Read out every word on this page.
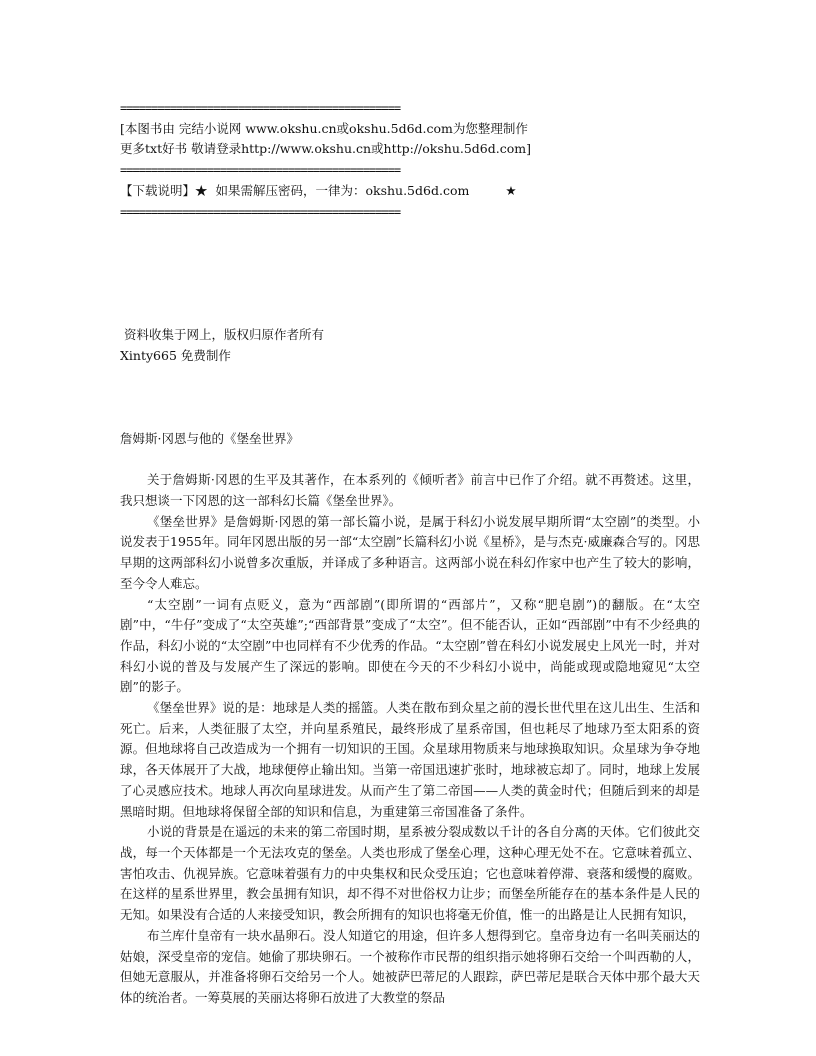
=============================================
[本图书由 完结小说网 www.okshu.cn或okshu.5d6d.com为您整理制作
更多txt好书 敬请登录http://www.okshu.cn或http://okshu.5d6d.com]
=============================================
【下载说明】★ 如果需解压密码，一律为：okshu.5d6d.com	★
=============================================
资料收集于网上，版权归原作者所有
Xinty665 免费制作
詹姆斯·冈恩与他的《堡垒世界》

关于詹姆斯·冈恩的生平及其著作，在本系列的《倾听者》前言中已作了介绍。就不再赘述。这里，我只想谈一下冈恩的这一部科幻长篇《堡垒世界》。

《堡垒世界》是詹姆斯·冈恩的第一部长篇小说，是属于科幻小说发展早期所谓“太空剧”的类型。小说发表于1955年。同年冈恩出版的另一部“太空剧”长篇科幻小说《星桥》，是与杰克·威廉森合写的。冈思早期的这两部科幻小说曾多次重版，并译成了多种语言。这两部小说在科幻作家中也产生了较大的影响，至今令人难忘。

“太空剧”一词有点贬义，意为“西部剧”(即所谓的“西部片”，又称“肥皂剧”)的翻版。在“太空剧”中，“牛仔”变成了“太空英雄”;“西部背景”变成了“太空”。但不能否认，正如“西部剧”中有不少经典的作品，科幻小说的“太空剧”中也同样有不少优秀的作品。“太空剧”曾在科幻小说发展史上风光一时，并对科幻小说的普及与发展产生了深远的影响。即使在今天的不少科幻小说中，尚能或现或隐地窥见“太空剧”的影子。

《堡垒世界》说的是：地球是人类的摇篮。人类在散布到众星之前的漫长世代里在这儿出生、生活和死亡。后来，人类征服了太空，并向星系殖民，最终形成了星系帝国，但也耗尽了地球乃至太阳系的资源。但地球将自己改造成为一个拥有一切知识的王国。众星球用物质来与地球换取知识。众星球为争夺地球，各天体展开了大战，地球便停止输出知。当第一帝国迅速扩张时，地球被忘却了。同时，地球上发展了心灵感应技术。地球人再次向星球进发。从而产生了第二帝国——人类的黄金时代；但随后到来的却是黑暗时期。但地球将保留全部的知识和信息，为重建第三帝国准备了条件。

小说的背景是在遥远的未来的第二帝国时期，星系被分裂成数以千计的各自分离的天体。它们彼此交战，每一个天体都是一个无法攻克的堡垒。人类也形成了堡垒心理，这种心理无处不在。它意味着孤立、害怕攻击、仇视异族。它意味着强有力的中央集权和民众受压迫；它也意味着停滞、衰落和缓慢的腐败。在这样的星系世界里，教会虽拥有知识，却不得不对世俗权力让步；而堡垒所能存在的基本条件是人民的无知。如果没有合适的人来接受知识，教会所拥有的知识也将毫无价值，惟一的出路是让人民拥有知识，

布兰库什皇帝有一块水晶卵石。没人知道它的用途，但许多人想得到它。皇帝身边有一名叫芙丽达的姑娘，深受皇帝的宠信。她偷了那块卵石。一个被称作市民帮的组织指示她将卵石交给一个叫西勒的人，但她无意服从，并准备将卵石交给另一个人。她被萨巴蒂尼的人跟踪，萨巴蒂尼是联合天体中那个最大天体的统治者。一筹莫展的芙丽达将卵石放进了大教堂的祭品
